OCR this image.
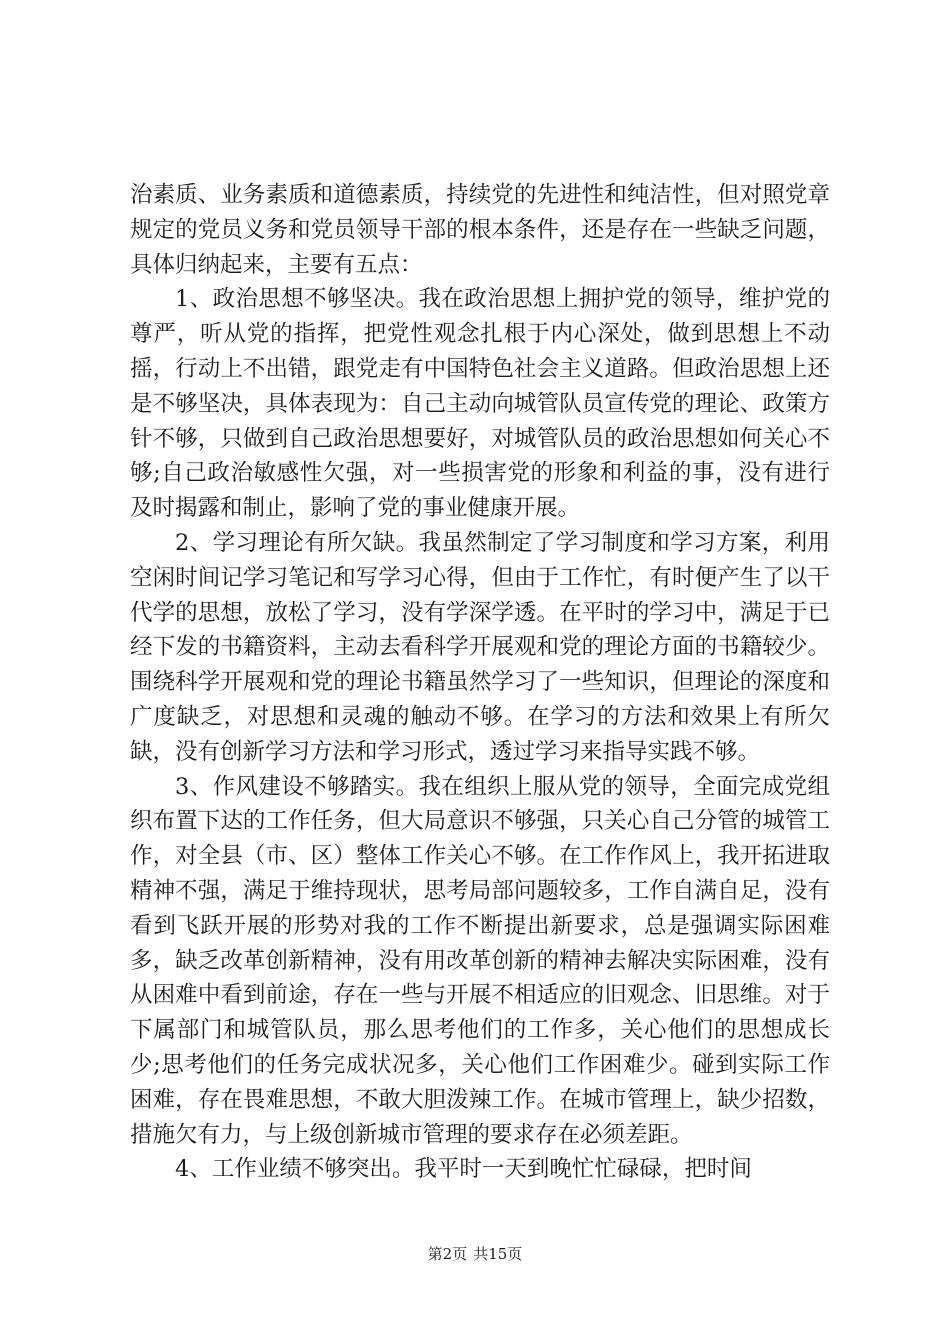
治素质、业务素质和道德素质，持续党的先进性和纯洁性，但对照党章规定的党员义务和党员领导干部的根本条件，还是存在一些缺乏问题，具体归纳起来，主要有五点：

1、政治思想不够坚决。我在政治思想上拥护党的领导，维护党的尊严，听从党的指挥，把党性观念扎根于内心深处，做到思想上不动摇，行动上不出错，跟党走有中国特色社会主义道路。但政治思想上还是不够坚决，具体表现为：自己主动向城管队员宣传党的理论、政策方针不够，只做到自己政治思想要好，对城管队员的政治思想如何关心不够;自己政治敏感性欠强，对一些损害党的形象和利益的事，没有进行及时揭露和制止，影响了党的事业健康开展。

2、学习理论有所欠缺。我虽然制定了学习制度和学习方案，利用空闲时间记学习笔记和写学习心得，但由于工作忙，有时便产生了以干代学的思想，放松了学习，没有学深学透。在平时的学习中，满足于已经下发的书籍资料，主动去看科学开展观和党的理论方面的书籍较少。围绕科学开展观和党的理论书籍虽然学习了一些知识，但理论的深度和广度缺乏，对思想和灵魂的触动不够。在学习的方法和效果上有所欠缺，没有创新学习方法和学习形式，透过学习来指导实践不够。

3、作风建设不够踏实。我在组织上服从党的领导，全面完成党组织布置下达的工作任务，但大局意识不够强，只关心自己分管的城管工作，对全县（市、区）整体工作关心不够。在工作作风上，我开拓进取精神不强，满足于维持现状，思考局部问题较多，工作自满自足，没有看到飞跃开展的形势对我的工作不断提出新要求，总是强调实际困难多，缺乏改革创新精神，没有用改革创新的精神去解决实际困难，没有从困难中看到前途，存在一些与开展不相适应的旧观念、旧思维。对于下属部门和城管队员，那么思考他们的工作多，关心他们的思想成长少;思考他们的任务完成状况多，关心他们工作困难少。碰到实际工作困难，存在畏难思想，不敢大胆泼辣工作。在城市管理上，缺少招数，措施欠有力，与上级创新城市管理的要求存在必须差距。

4、工作业绩不够突出。我平时一天到晚忙忙碌碌，把时间

第2页 共15页
